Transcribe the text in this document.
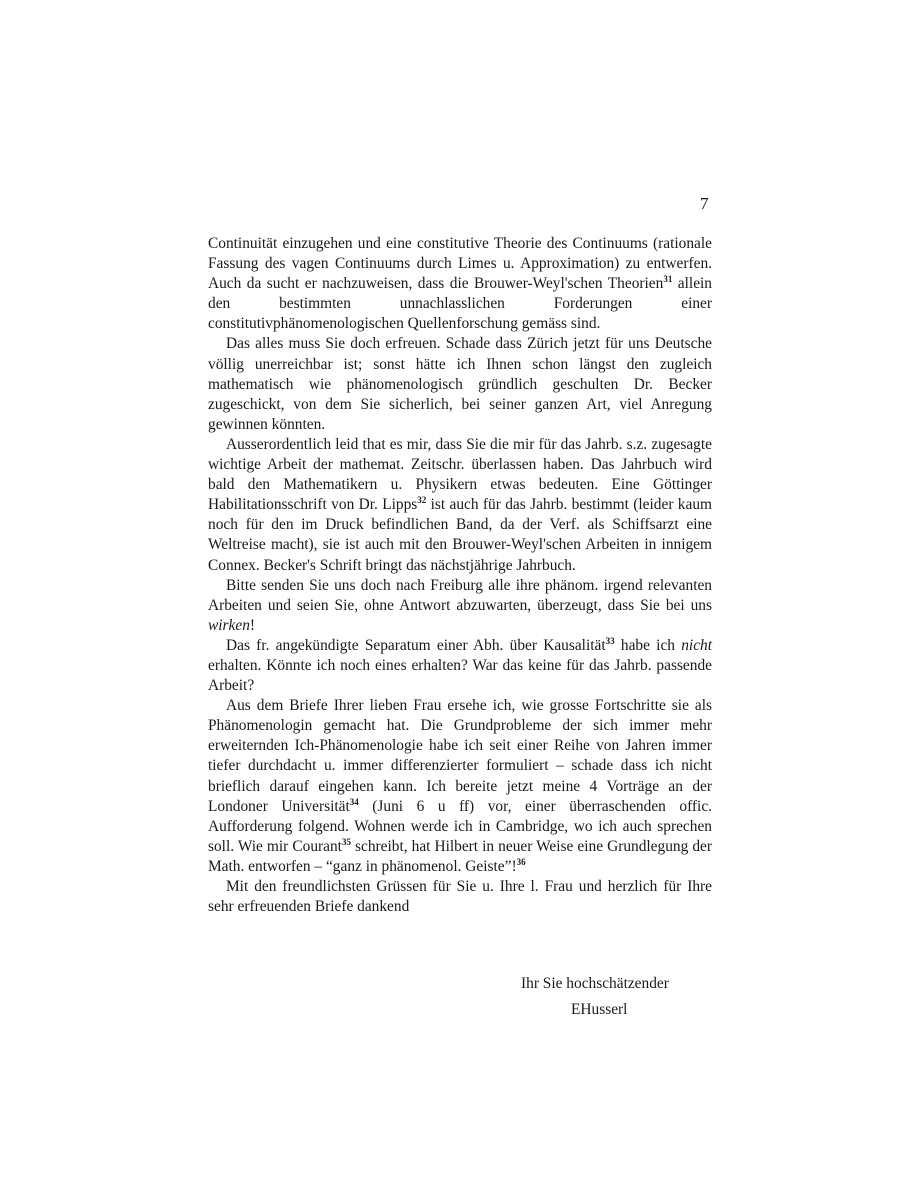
7

Continuität einzugehen und eine constitutive Theorie des Continuums (rationale Fassung des vagen Continuums durch Limes u. Approximation) zu entwerfen. Auch da sucht er nachzuweisen, dass die Brouwer-Weyl'schen Theorien$^{31}$ allein den bestimmten unnachlasslichen Forderungen einer constitutivphänomenologischen Quellenforschung gemäss sind.

Das alles muss Sie doch erfreuen. Schade dass Zürich jetzt für uns Deutsche völlig unerreichbar ist; sonst hätte ich Ihnen schon längst den zugleich mathematisch wie phänomenologisch gründlich geschulten Dr. Becker zugeschickt, von dem Sie sicherlich, bei seiner ganzen Art, viel Anregung gewinnen könnten.

Ausserordentlich leid that es mir, dass Sie die mir für das Jahrb. s.z. zugesagte wichtige Arbeit der mathemat. Zeitschr. überlassen haben. Das Jahrbuch wird bald den Mathematikern u. Physikern etwas bedeuten. Eine Göttinger Habilitationsschrift von Dr. Lipps$^{32}$ ist auch für das Jahrb. bestimmt (leider kaum noch für den im Druck befindlichen Band, da der Verf. als Schiffsarzt eine Weltreise macht), sie ist auch mit den Brouwer-Weyl'schen Arbeiten in innigem Connex. Becker's Schrift bringt das nächstjährige Jahrbuch.

Bitte senden Sie uns doch nach Freiburg alle ihre phänom. irgend relevanten Arbeiten und seien Sie, ohne Antwort abzuwarten, überzeugt, dass Sie bei uns wirken!

Das fr. angekündigte Separatum einer Abh. über Kausalität$^{33}$ habe ich nicht erhalten. Könnte ich noch eines erhalten? War das keine für das Jahrb. passende Arbeit?

Aus dem Briefe Ihrer lieben Frau ersehe ich, wie grosse Fortschritte sie als Phänomenologin gemacht hat. Die Grundprobleme der sich immer mehr erweiternden Ich-Phänomenologie habe ich seit einer Reihe von Jahren immer tiefer durchdacht u. immer differenzierter formuliert – schade dass ich nicht brieflich darauf eingehen kann. Ich bereite jetzt meine 4 Vorträge an der Londoner Universität$^{34}$ (Juni 6 u ff) vor, einer überraschenden offic. Aufforderung folgend. Wohnen werde ich in Cambridge, wo ich auch sprechen soll. Wie mir Courant$^{35}$ schreibt, hat Hilbert in neuer Weise eine Grundlegung der Math. entworfen – “ganz in phänomenol. Geiste”!$^{36}$

Mit den freundlichsten Grüssen für Sie u. Ihre l. Frau und herzlich für Ihre sehr erfreuenden Briefe dankend

Ihr Sie hochschätzender
EHusserl
